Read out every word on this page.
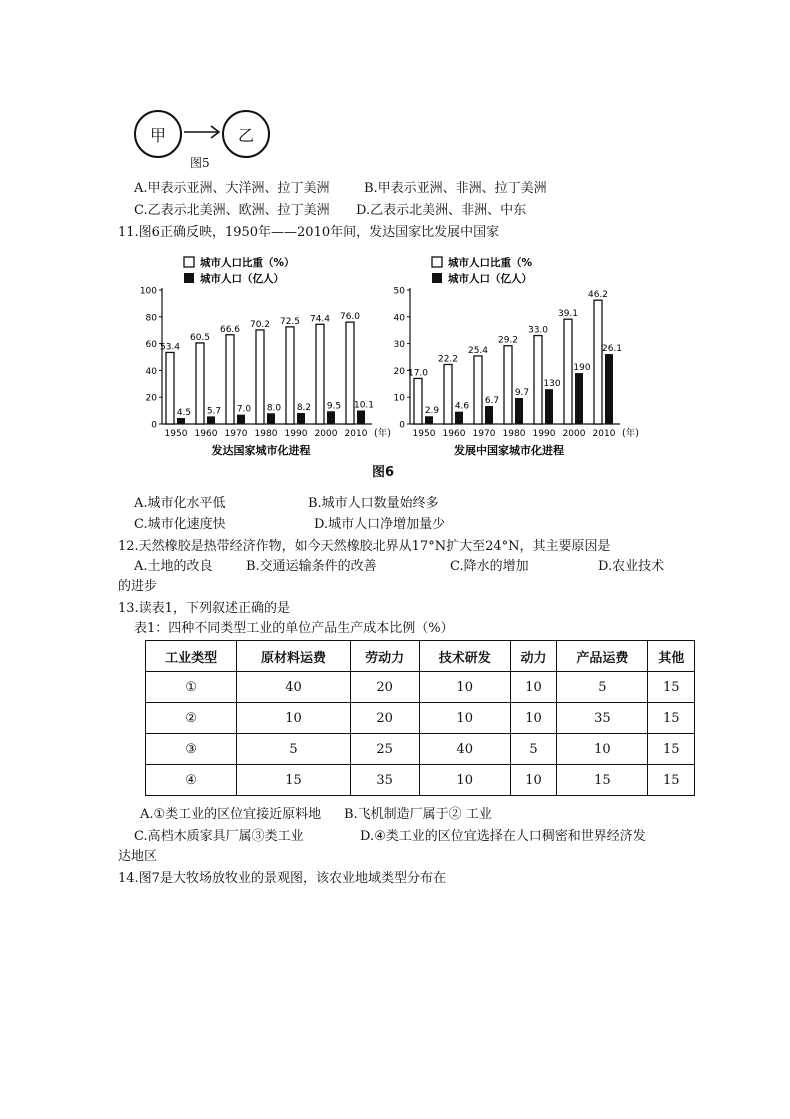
甲	乙
图5
A.甲表示亚洲、大洋洲、拉丁美洲	B.甲表示亚洲、非洲、拉丁美洲
C.乙表示北美洲、欧洲、拉丁美洲 D.乙表示北美洲、非洲、中东
11.图6正确反映，1950年——2010年间，发达国家比发展中国家
城市人口比重（%）
城市人口（亿人）
0
20
40
60
80
100
53.4
4.5
1950
60.5
5.7
1960
66.6
7.0
1970
70.2
8.0
1980
72.5
8.2
1990
74.4
9.5
2000
76.0
10.1
2010 (年)
发达国家城市化进程
城市人口比重（%
城市人口（亿人）
0
10
20
30
40
50
17.0
2.9
1950
22.2
4.6
1960
25.4
6.7
1970
29.2
9.7
1980
33.0
130
1990
39.1
190
2000
46.2
26.1
2010 (年)
发展中国家城市化进程
图6
A.城市化水平低	B.城市人口数量始终多
C.城市化速度快	D.城市人口净增加量少
12.天然橡胶是热带经济作物，如今天然橡胶北界从17°N扩大至24°N，其主要原因是
A.土地的改良	B.交通运输条件的改善	C.降水的增加	D.农业技术
的进步
13.读表1，下列叙述正确的是
表1：四种不同类型工业的单位产品生产成本比例（%）
工业类型	原材料运费	劳动力	技术研发	动力	产品运费	其他
①	40	20	10	10	5	15
②	10	20	10	10	35	15
③	5	25	40	5	10	15
④	15	35	10	10	15	15
A.①类工业的区位宜接近原料地 B.飞机制造厂属于② 工业
C.高档木质家具厂属③类工业	D.④类工业的区位宜选择在人口稠密和世界经济发
达地区
14.图7是大牧场放牧业的景观图，该农业地域类型分布在
